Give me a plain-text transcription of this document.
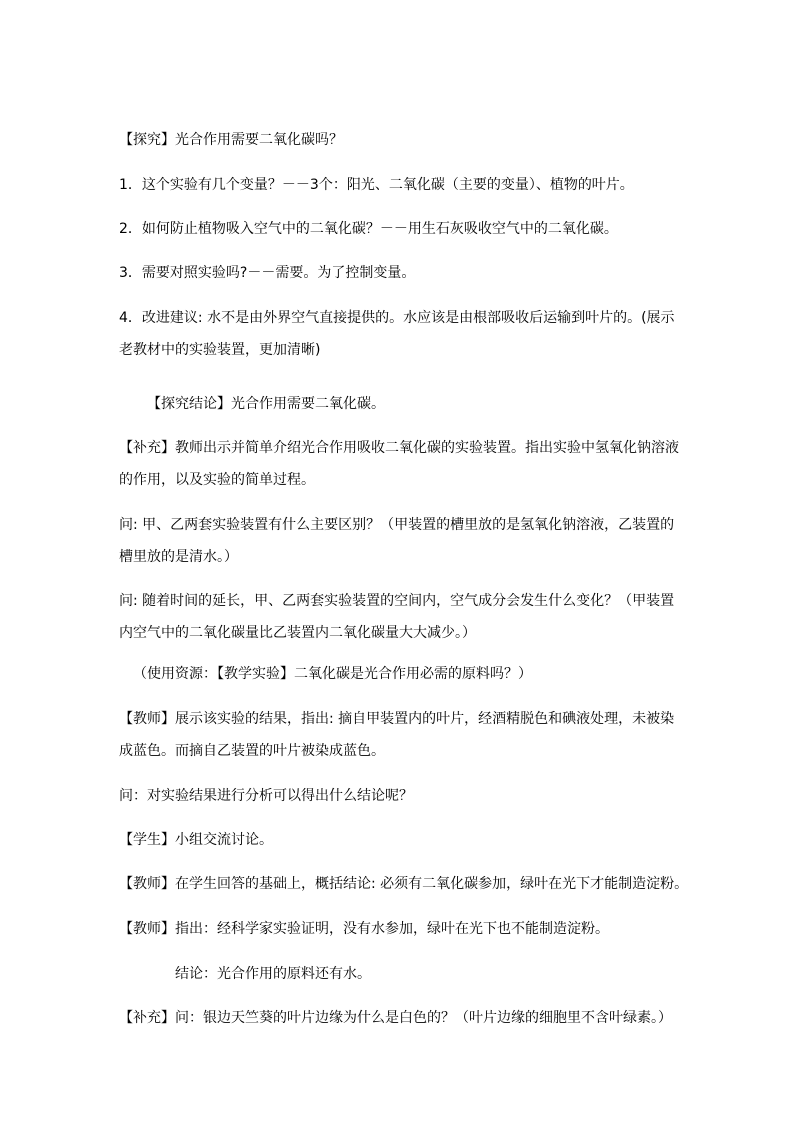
【探究】光合作用需要二氧化碳吗？
1．这个实验有几个变量？－－3个：阳光、二氧化碳（主要的变量）、植物的叶片。
2．如何防止植物吸入空气中的二氧化碳？－－用生石灰吸收空气中的二氧化碳。
3．需要对照实验吗?－－需要。为了控制变量。
4．改进建议: 水不是由外界空气直接提供的。水应该是由根部吸收后运输到叶片的。(展示老教材中的实验装置，更加清晰)
【探究结论】光合作用需要二氧化碳。
【补充】教师出示并简单介绍光合作用吸收二氧化碳的实验装置。指出实验中氢氧化钠溶液的作用，以及实验的简单过程。
问: 甲、乙两套实验装置有什么主要区别？（甲装置的槽里放的是氢氧化钠溶液，乙装置的槽里放的是清水。）
问: 随着时间的延长，甲、乙两套实验装置的空间内，空气成分会发生什么变化？（甲装置内空气中的二氧化碳量比乙装置内二氧化碳量大大减少。）
（使用资源：【教学实验】二氧化碳是光合作用必需的原料吗？）
【教师】展示该实验的结果，指出: 摘自甲装置内的叶片，经酒精脱色和碘液处理，未被染成蓝色。而摘自乙装置的叶片被染成蓝色。
问：对实验结果进行分析可以得出什么结论呢？
【学生】小组交流讨论。
【教师】在学生回答的基础上，概括结论: 必须有二氧化碳参加，绿叶在光下才能制造淀粉。
【教师】指出：经科学家实验证明，没有水参加，绿叶在光下也不能制造淀粉。
结论：光合作用的原料还有水。
【补充】问：银边天竺葵的叶片边缘为什么是白色的？（叶片边缘的细胞里不含叶绿素。）
